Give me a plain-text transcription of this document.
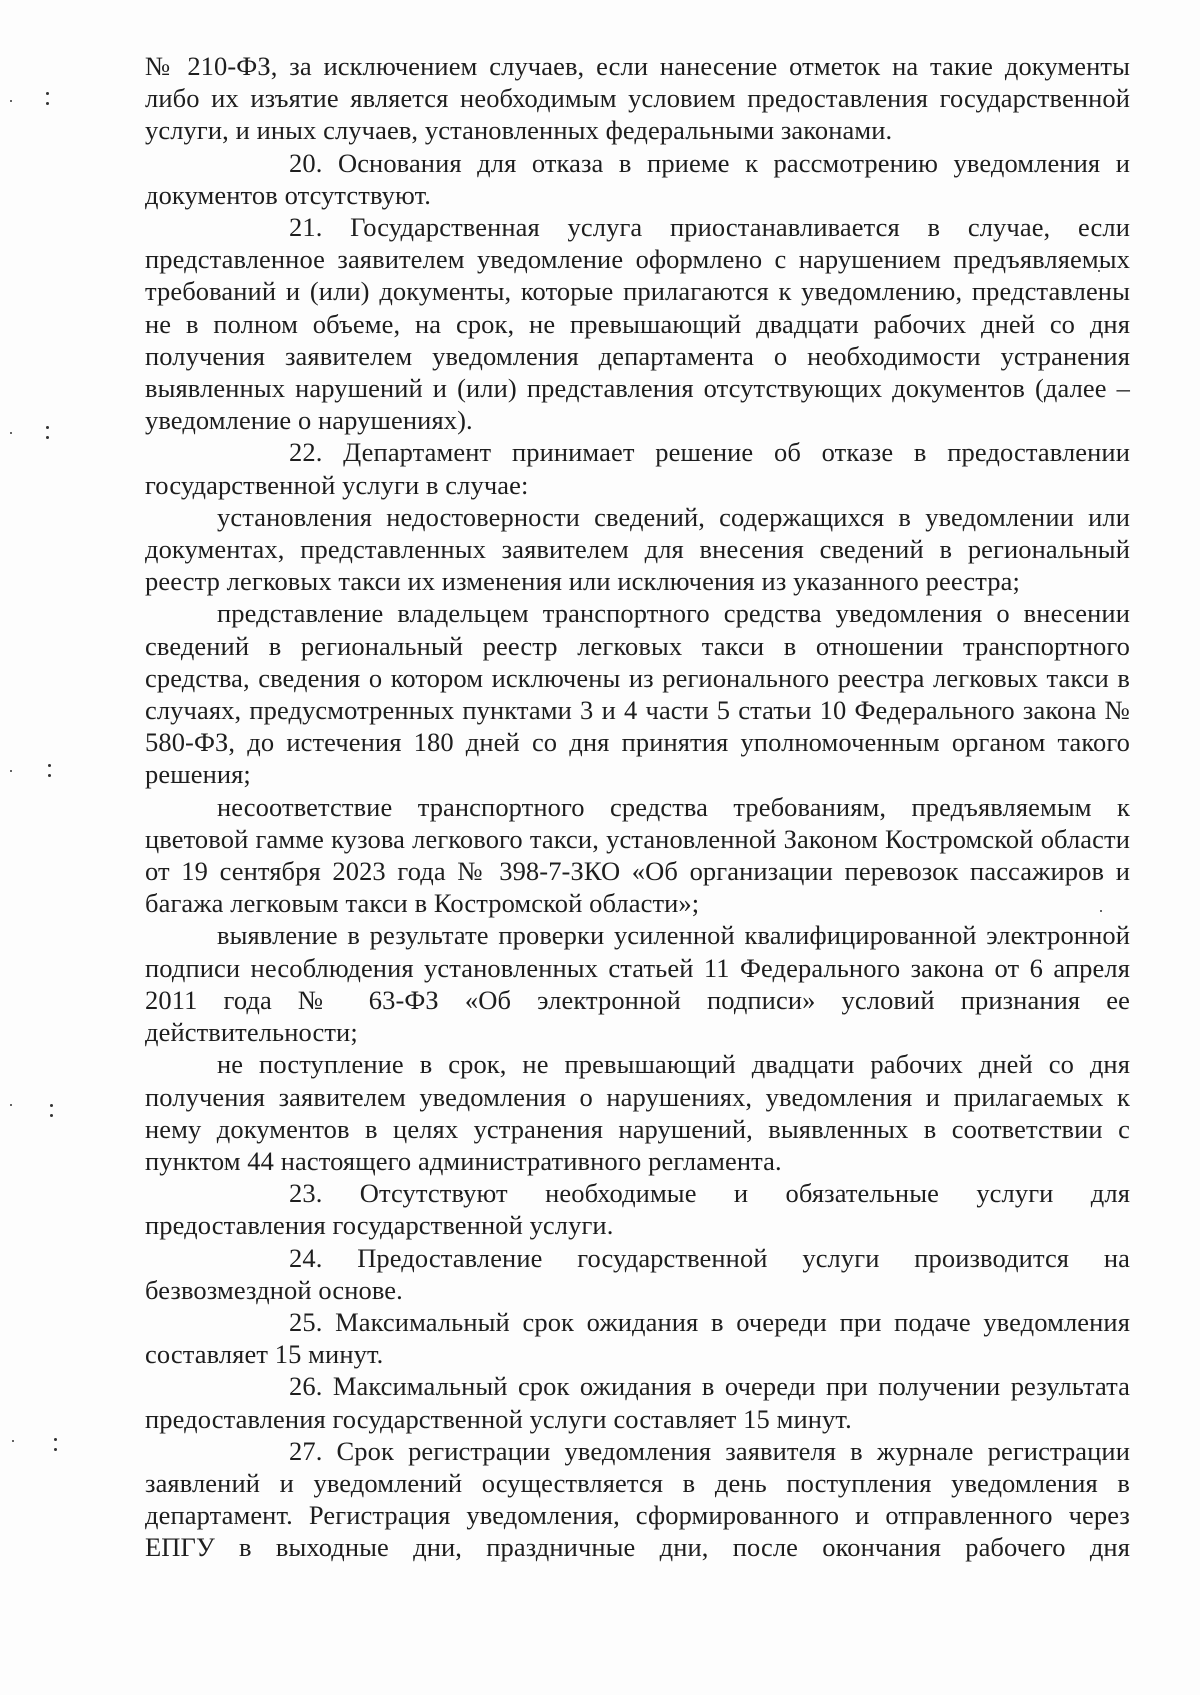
№ 210-ФЗ, за исключением случаев, если нанесение отметок на такие документы либо их изъятие является необходимым условием предоставления государственной услуги, и иных случаев, установленных федеральными законами.

20. Основания для отказа в приеме к рассмотрению уведомления и документов отсутствуют.

21. Государственная услуга приостанавливается в случае, если представленное заявителем уведомление оформлено с нарушением предъявляемых требований и (или) документы, которые прилагаются к уведомлению, представлены не в полном объеме, на срок, не превышающий двадцати рабочих дней со дня получения заявителем уведомления департамента о необходимости устранения выявленных нарушений и (или) представления отсутствующих документов (далее – уведомление о нарушениях).

22. Департамент принимает решение об отказе в предоставлении государственной услуги в случае:

установления недостоверности сведений, содержащихся в уведомлении или документах, представленных заявителем для внесения сведений в региональный реестр легковых такси их изменения или исключения из указанного реестра;

представление владельцем транспортного средства уведомления о внесении сведений в региональный реестр легковых такси в отношении транспортного средства, сведения о котором исключены из регионального реестра легковых такси в случаях, предусмотренных пунктами 3 и 4 части 5 статьи 10 Федерального закона № 580-ФЗ, до истечения 180 дней со дня принятия уполномоченным органом такого решения;

несоответствие транспортного средства требованиям, предъявляемым к цветовой гамме кузова легкового такси, установленной Законом Костромской области от 19 сентября 2023 года № 398-7-ЗКО «Об организации перевозок пассажиров и багажа легковым такси в Костромской области»;

выявление в результате проверки усиленной квалифицированной электронной подписи несоблюдения установленных статьей 11 Федерального закона от 6 апреля 2011 года № 63-ФЗ «Об электронной подписи» условий признания ее действительности;

не поступление в срок, не превышающий двадцати рабочих дней со дня получения заявителем уведомления о нарушениях, уведомления и прилагаемых к нему документов в целях устранения нарушений, выявленных в соответствии с пунктом 44 настоящего административного регламента.

23. Отсутствуют необходимые и обязательные услуги для предоставления государственной услуги.

24. Предоставление государственной услуги производится на безвозмездной основе.

25. Максимальный срок ожидания в очереди при подаче уведомления составляет 15 минут.

26. Максимальный срок ожидания в очереди при получении результата предоставления государственной услуги составляет 15 минут.

27. Срок регистрации уведомления заявителя в журнале регистрации заявлений и уведомлений осуществляется в день поступления уведомления в департамент. Регистрация уведомления, сформированного и отправленного через ЕПГУ в выходные дни, праздничные дни, после окончания рабочего дня
